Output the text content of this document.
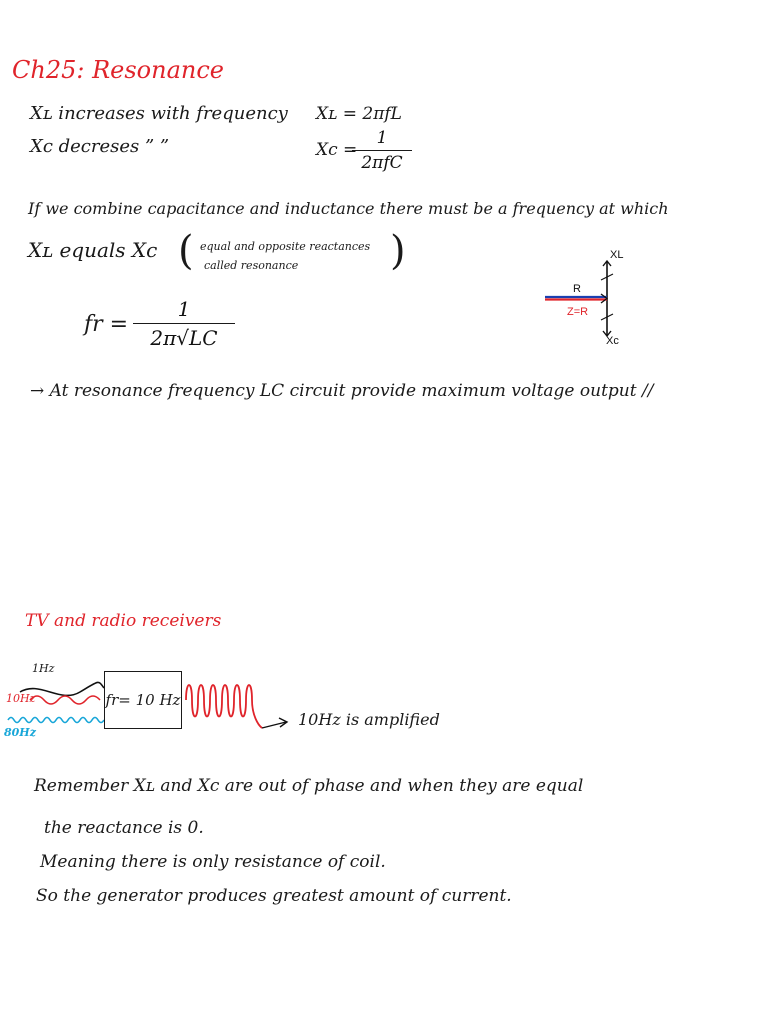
Ch25: Resonance
Xʟ increases with frequency
Xc decreses ” ”
Xʟ = 2πfL
Xc =
1
2πfC
If we combine capacitance and inductance there must be a frequency at which
Xʟ equals Xc ( equal and opposite reactances
called resonance )
fr =
1
2π√LC
XL
R
Z=R
Xc
→ At resonance frequency LC circuit provide maximum voltage output //
TV and radio receivers
1Hz
10Hz
80Hz
fr= 10 Hz
10Hz is amplified
Remember Xʟ and Xc are out of phase and when they are equal
the reactance is 0.
Meaning there is only resistance of coil.
So the generator produces greatest amount of current.
